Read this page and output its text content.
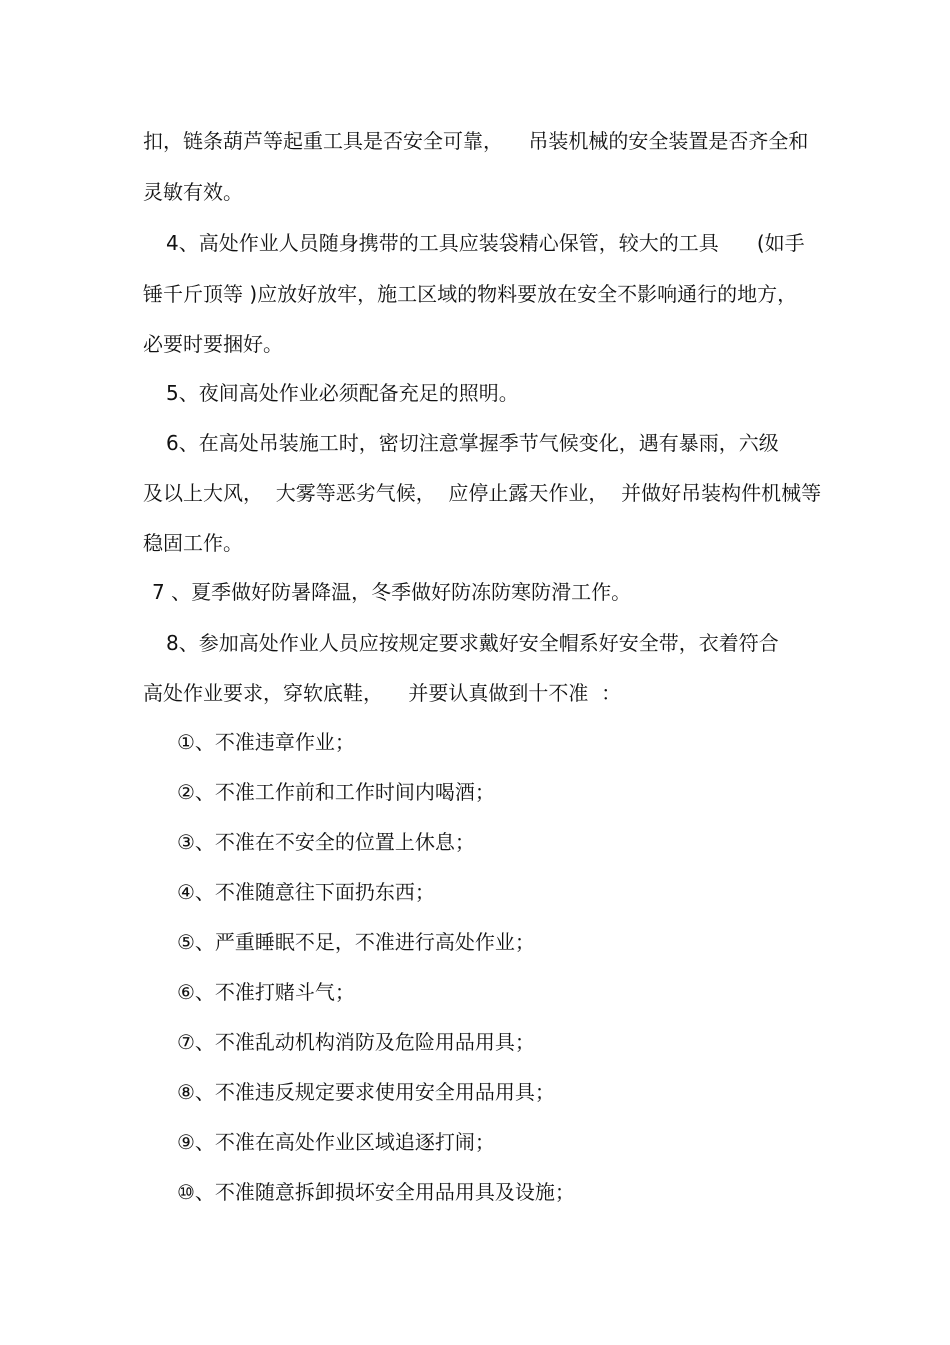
扣，链条葫芦等起重工具是否安全可靠，    吊装机械的安全装置是否齐全和
灵敏有效。
4、高处作业人员随身携带的工具应装袋精心保管，较大的工具      (如手
锤千斤顶等 )应放好放牢，施工区域的物料要放在安全不影响通行的地方，
必要时要捆好。
5、夜间高处作业必须配备充足的照明。
6、在高处吊装施工时，密切注意掌握季节气候变化，遇有暴雨，六级
及以上大风，  大雾等恶劣气候，  应停止露天作业，  并做好吊装构件机械等
稳固工作。
7 、夏季做好防暑降温，冬季做好防冻防寒防滑工作。
8、参加高处作业人员应按规定要求戴好安全帽系好安全带，衣着符合
高处作业要求，穿软底鞋，    并要认真做到十不准  ：
①、不准违章作业；
②、不准工作前和工作时间内喝酒；
③、不准在不安全的位置上休息；
④、不准随意往下面扔东西；
⑤、严重睡眠不足，不准进行高处作业；
⑥、不准打赌斗气；
⑦、不准乱动机构消防及危险用品用具；
⑧、不准违反规定要求使用安全用品用具；
⑨、不准在高处作业区域追逐打闹；
⑩、不准随意拆卸损坏安全用品用具及设施；
